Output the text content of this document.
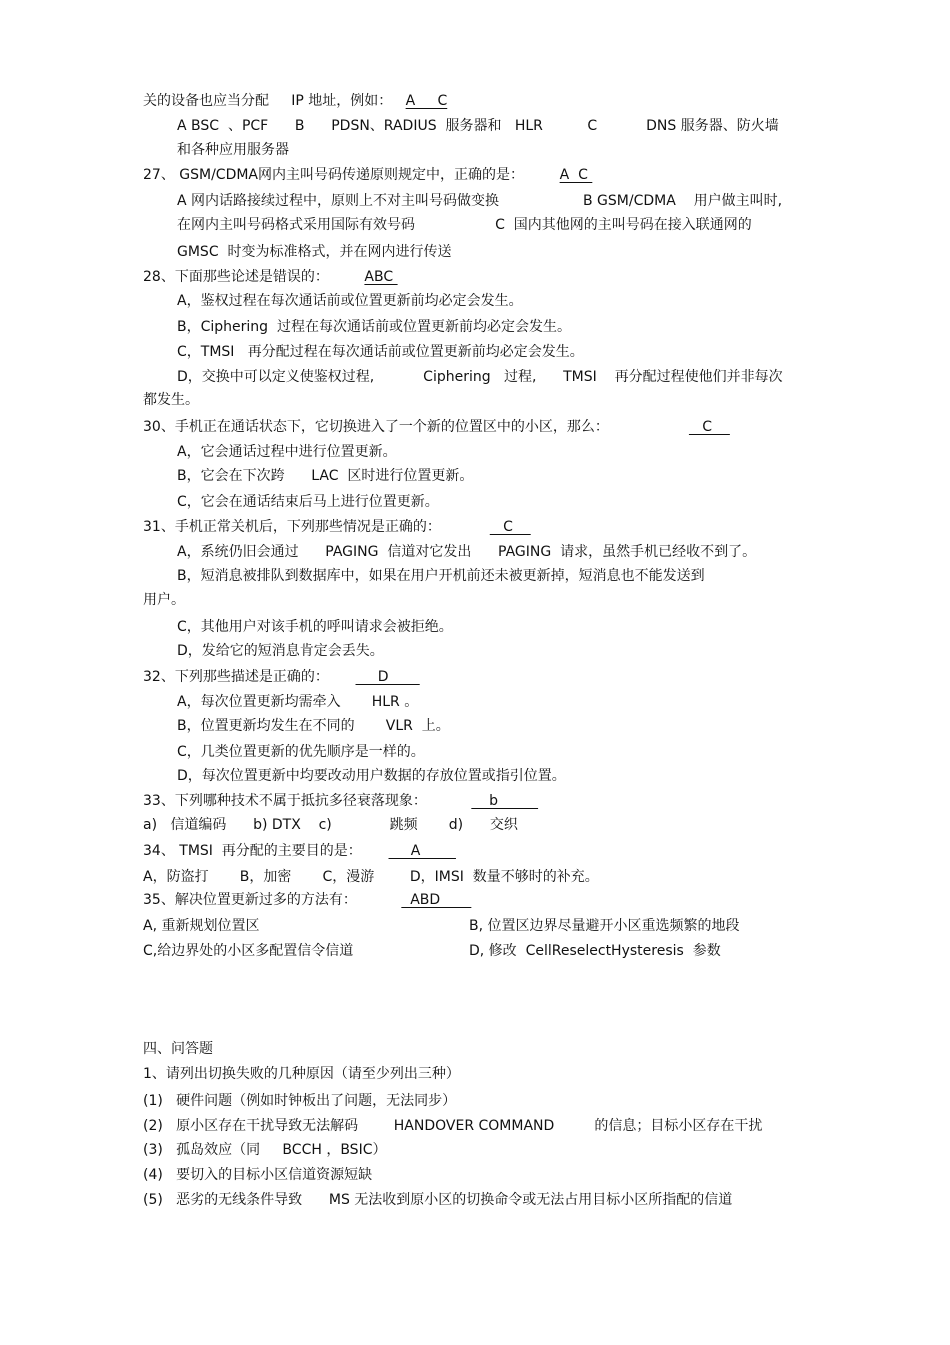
关的设备也应当分配     IP 地址，例如：   A     C
A BSC  、PCF      B      PDSN、RADIUS  服务器和   HLR          C           DNS 服务器、防火墙
和各种应用服务器
27、 GSM/CDMA网内主叫号码传递原则规定中，正确的是：        A  C
A 网内话路接续过程中，原则上不对主叫号码做变换	B GSM/CDMA    用户做主叫时,
在网内主叫号码格式采用国际有效号码                  C  国内其他网的主叫号码在接入联通网的
GMSC  时变为标准格式，并在网内进行传送
28、下面那些论述是错误的：        ABC
A，鉴权过程在每次通话前或位置更新前均必定会发生。
B，Ciphering  过程在每次通话前或位置更新前均必定会发生。
C，TMSI   再分配过程在每次通话前或位置更新前均必定会发生。
D，交换中可以定义使鉴权过程,           Ciphering   过程,      TMSI    再分配过程使他们并非每次
都发生。
30、手机正在通话状态下，它切换进入了一个新的位置区中的小区，那么：                     C
A，它会通话过程中进行位置更新。
B，它会在下次跨      LAC  区时进行位置更新。
C，它会在通话结束后马上进行位置更新。
31、手机正常关机后，下列那些情况是正确的：              C
A，系统仍旧会通过      PAGING  信道对它发出      PAGING  请求，虽然手机已经收不到了。
B，短消息被排队到数据库中，如果在用户开机前还未被更新掉，短消息也不能发送到
用户。
C，其他用户对该手机的呼叫请求会被拒绝。
D，发给它的短消息肯定会丢失。
32、下列那些描述是正确的：           D
A，每次位置更新均需牵入       HLR 。
B，位置更新均发生在不同的       VLR  上。
C，几类位置更新的优先顺序是一样的。
D，每次位置更新中均要改动用户数据的存放位置或指引位置。
33、下列哪种技术不属于抵抗多径衰落现象：              b
a)   信道编码      b) DTX    c)             跳频       d)      交织
34、 TMSI  再分配的主要目的是：           A
A，防盗打       B，加密       C，漫游        D，IMSI  数量不够时的补充。
35、解决位置更新过多的方法有：            ABD
A, 重新规划位置区	B, 位置区边界尽量避开小区重选频繁的地段
C,给边界处的小区多配置信令信道	D, 修改  CellReselectHysteresis  参数
四、问答题
1、请列出切换失败的几种原因（请至少列出三种）
(1)   硬件问题（例如时钟板出了问题，无法同步）
(2)   原小区存在干扰导致无法解码        HANDOVER COMMAND         的信息；目标小区存在干扰
(3)   孤岛效应（同     BCCH ，BSIC）
(4)   要切入的目标小区信道资源短缺
(5)   恶劣的无线条件导致      MS 无法收到原小区的切换命令或无法占用目标小区所指配的信道
